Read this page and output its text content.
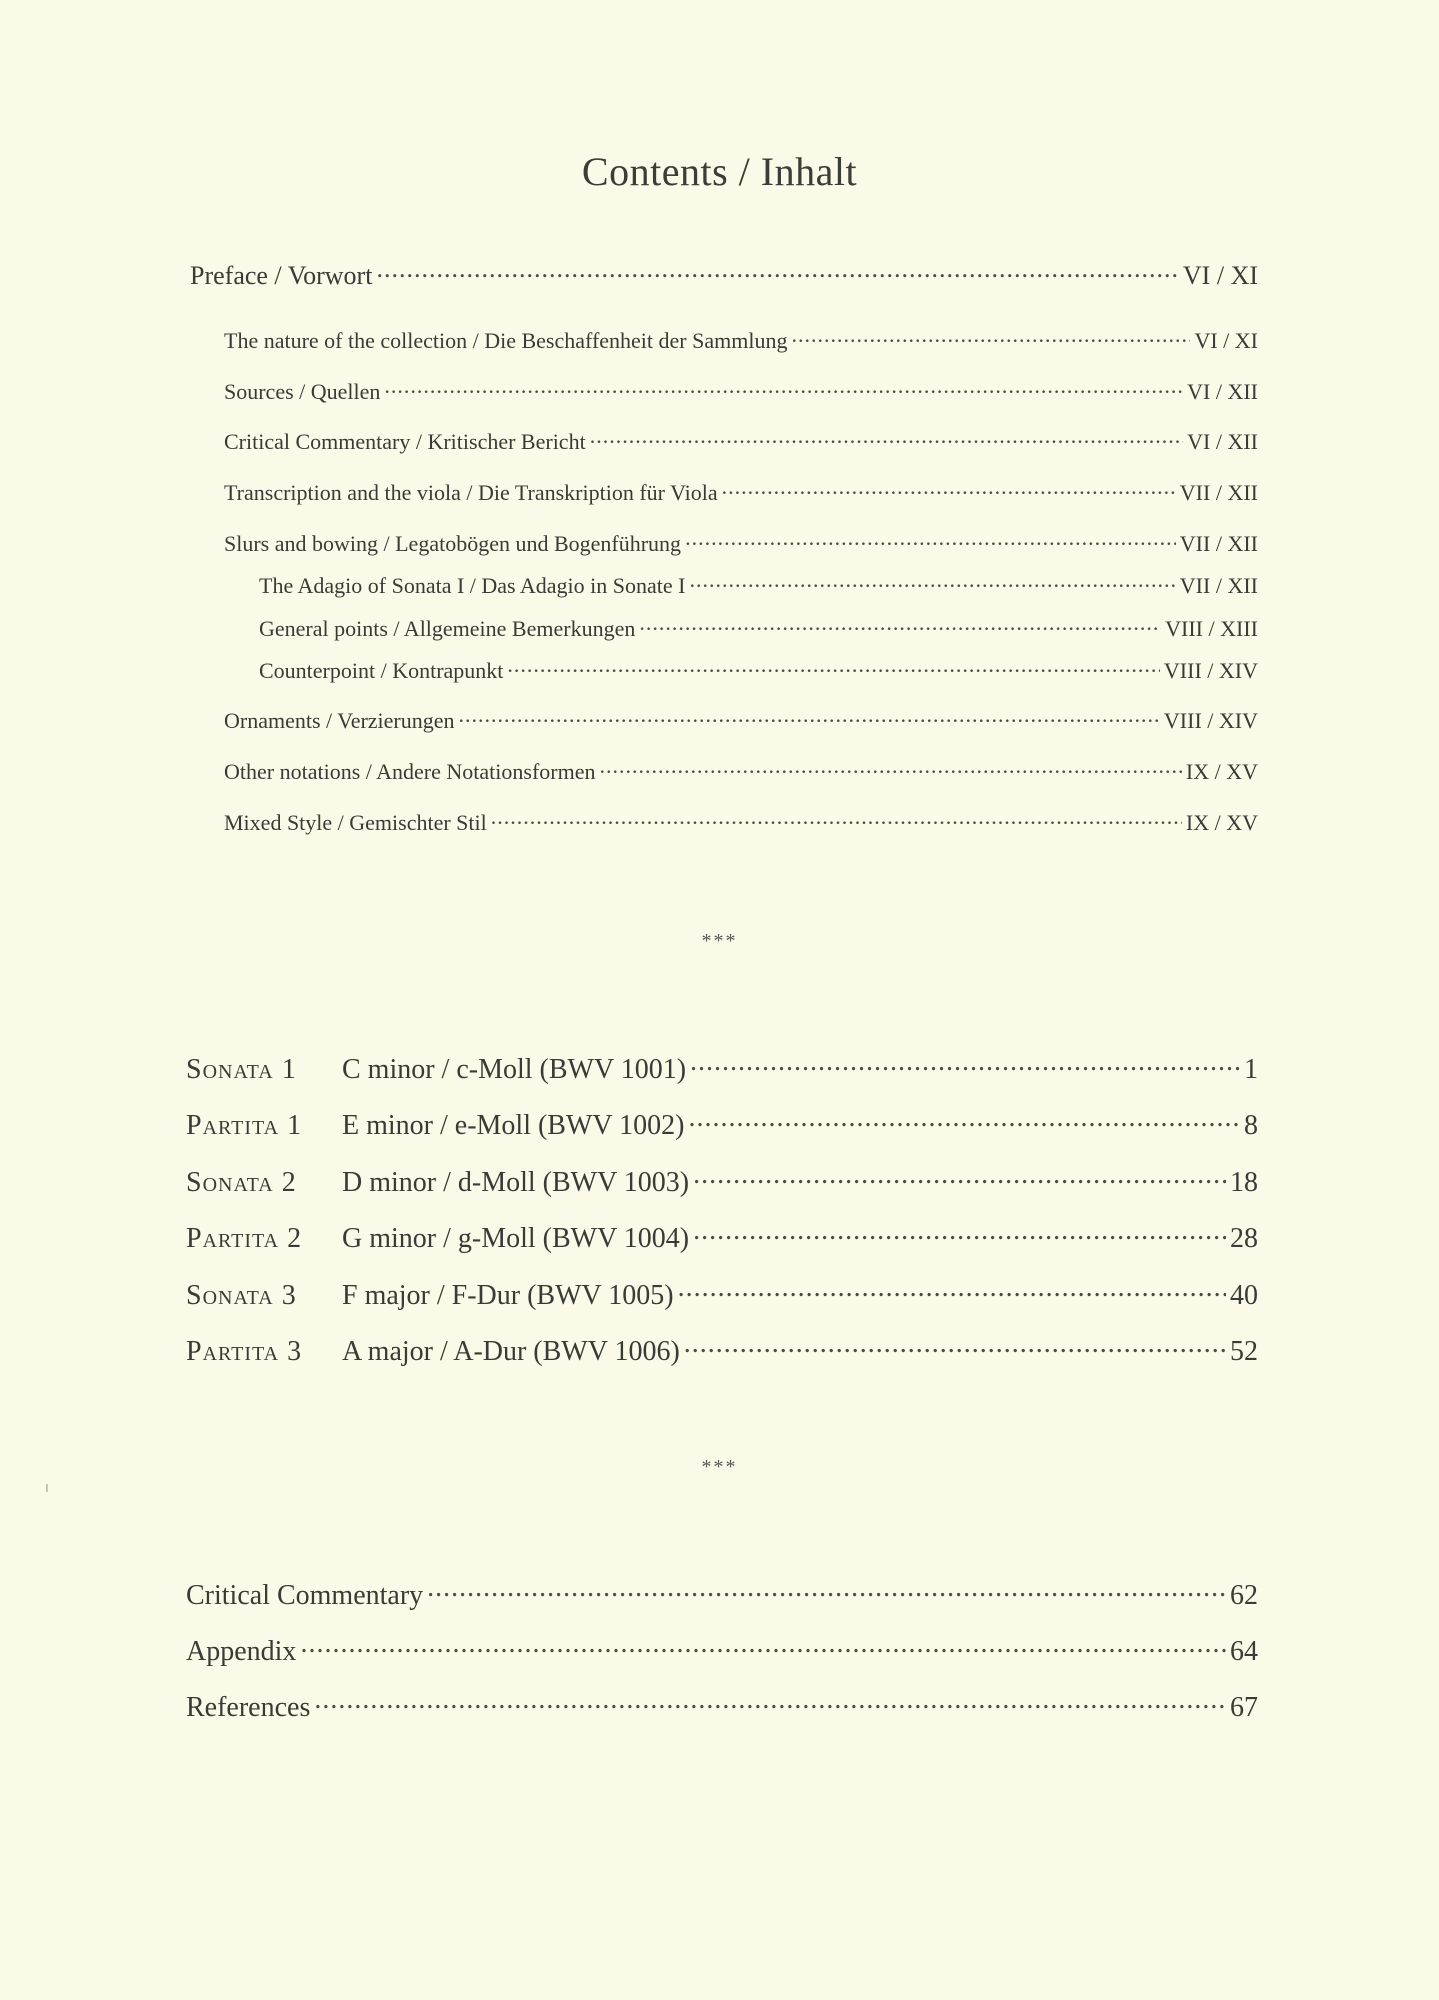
Contents / Inhalt
Preface / Vorwort .....	VI / XI
The nature of the collection / Die Beschaffenheit der Sammlung .....	VI / XI
Sources / Quellen .....	VI / XII
Critical Commentary / Kritischer Bericht .....	VI / XII
Transcription and the viola / Die Transkription für Viola .....	VII / XII
Slurs and bowing / Legatobögen und Bogenführung .....	VII / XII
The Adagio of Sonata I / Das Adagio in Sonate I .....	VII / XII
General points / Allgemeine Bemerkungen .....	VIII / XIII
Counterpoint / Kontrapunkt .....	VIII / XIV
Ornaments / Verzierungen .....	VIII / XIV
Other notations / Andere Notationsformen .....	IX / XV
Mixed Style / Gemischter Stil .....	IX / XV
***
Sonata 1 C minor / c-Moll (BWV 1001) .....	1
Partita 1 E minor / e-Moll (BWV 1002) .....	8
Sonata 2 D minor / d-Moll (BWV 1003) .....	18
Partita 2 G minor / g-Moll (BWV 1004) .....	28
Sonata 3 F major / F-Dur (BWV 1005) .....	40
Partita 3 A major / A-Dur (BWV 1006) .....	52
***
Critical Commentary .....	62
Appendix .....	64
References .....	67
